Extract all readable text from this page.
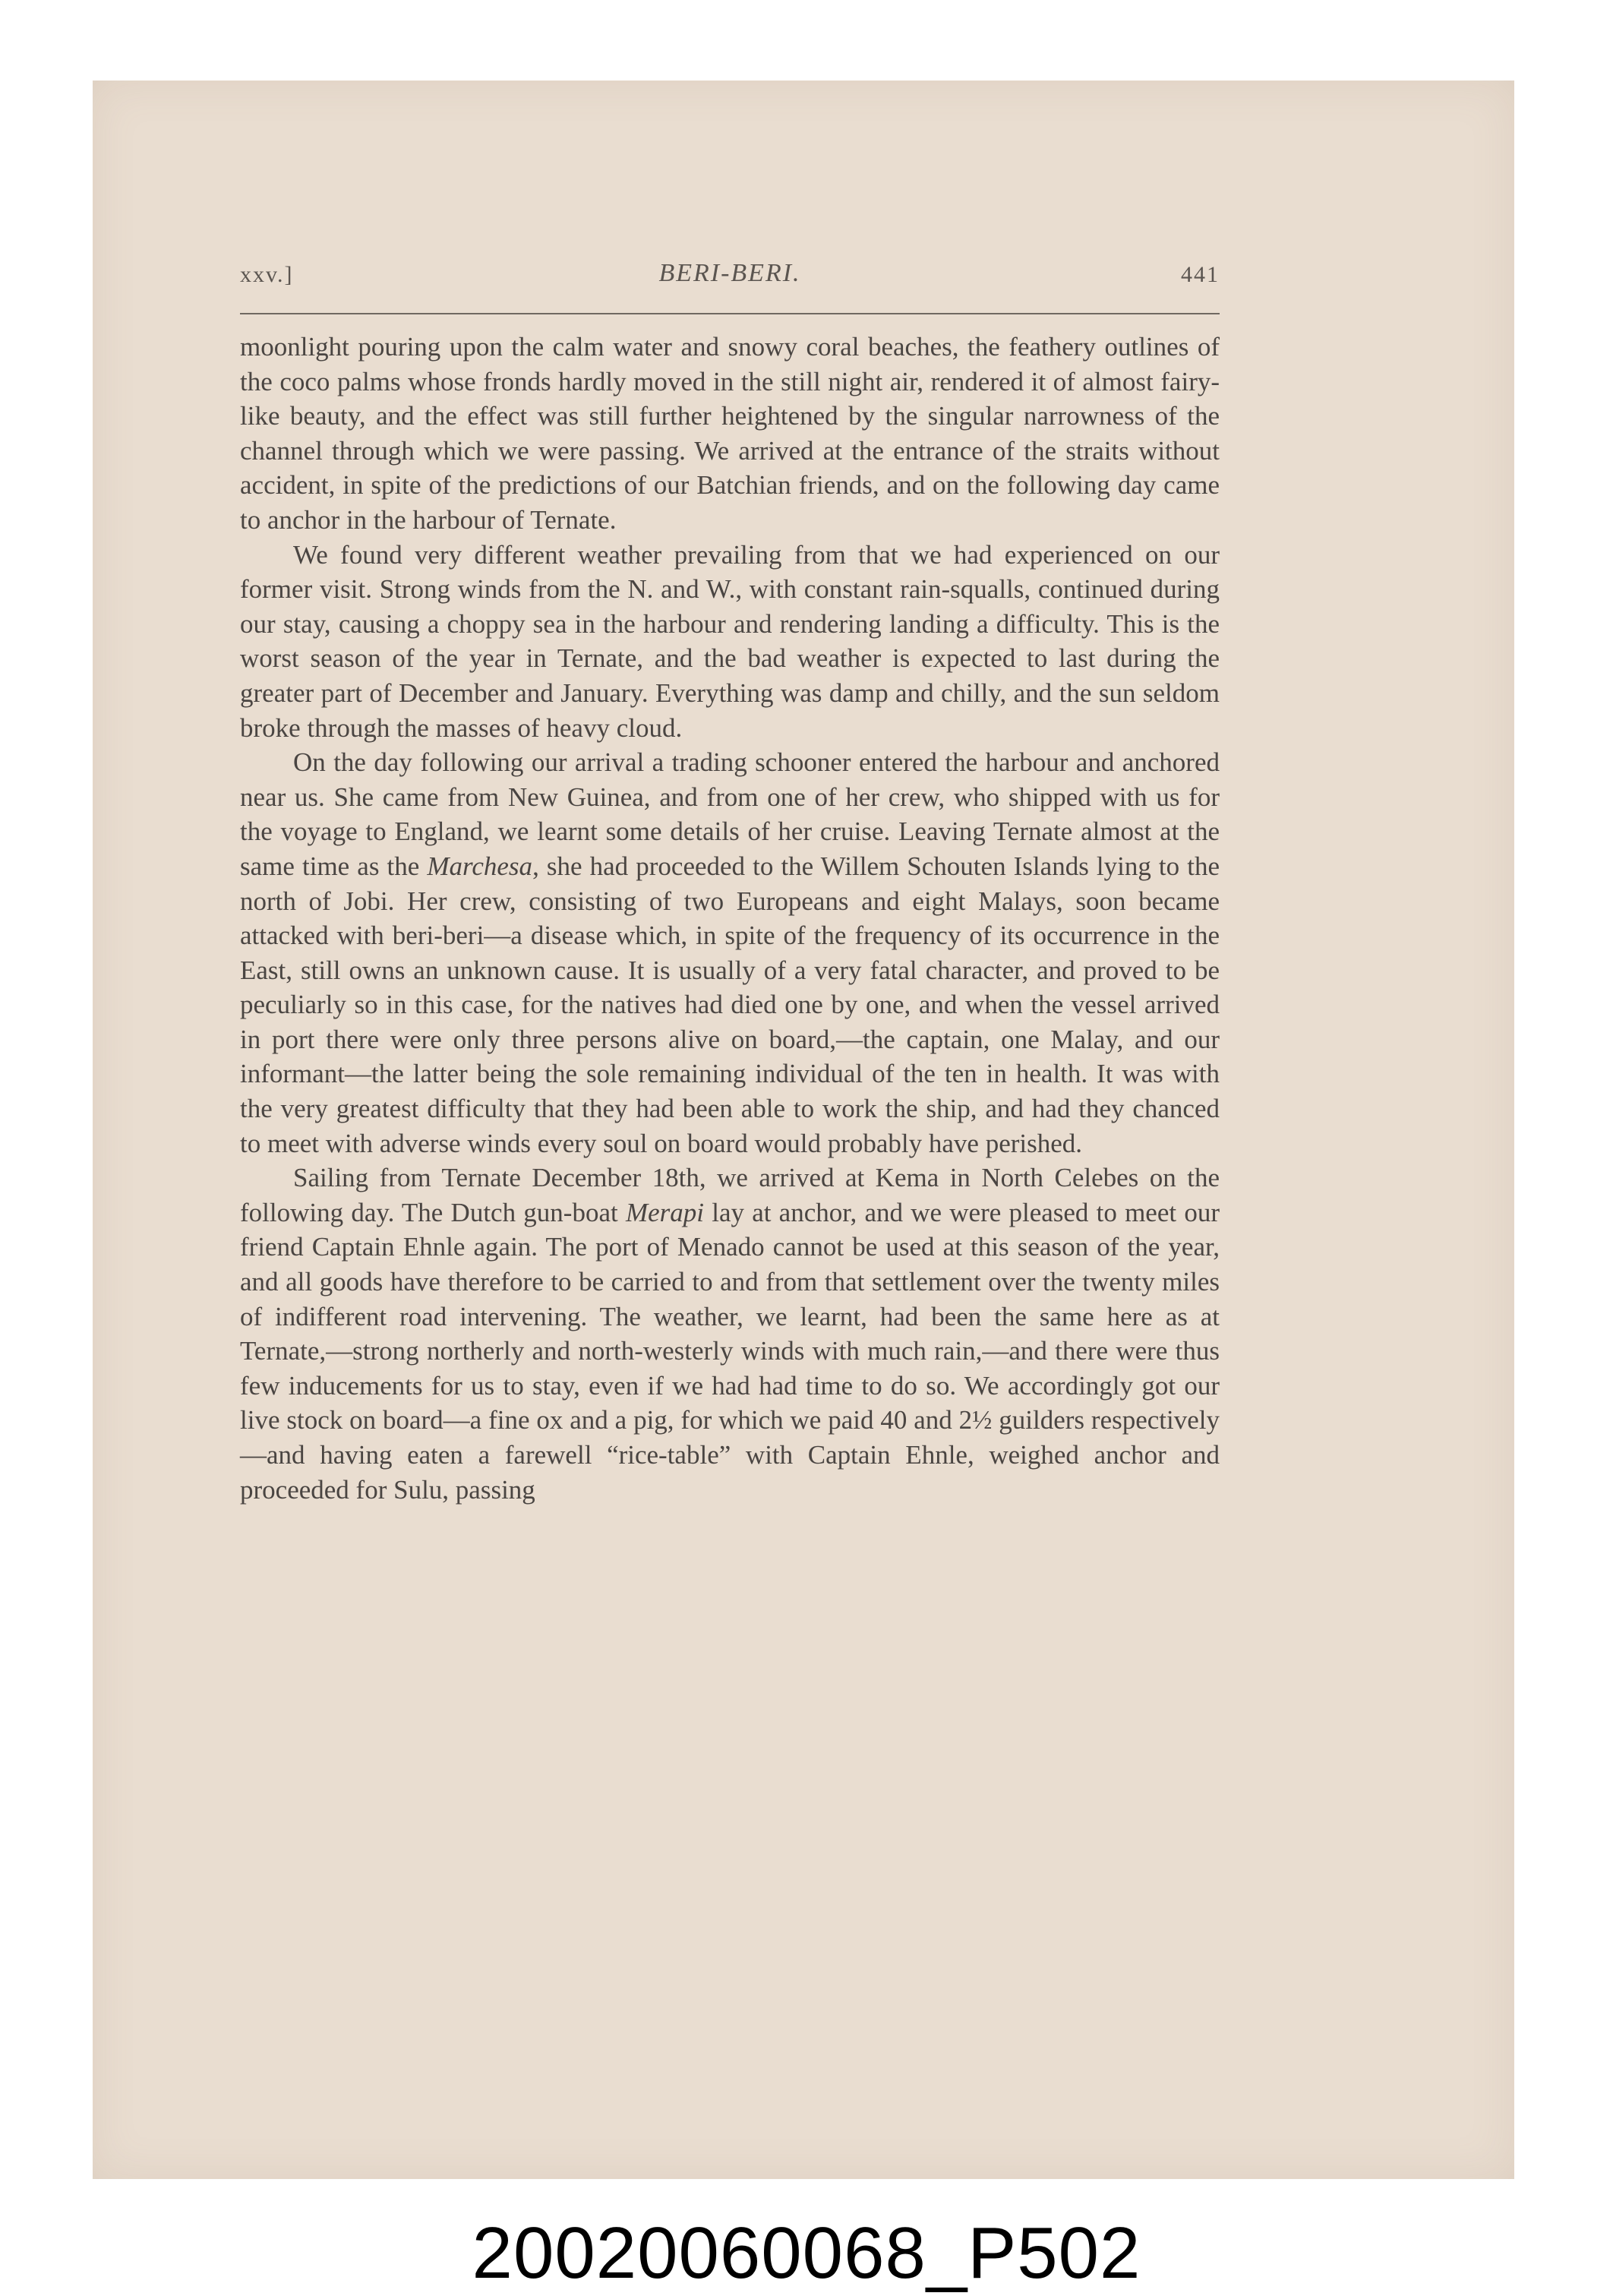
xxv.]	BERI-BERI.	441

moonlight pouring upon the calm water and snowy coral beaches, the feathery outlines of the coco palms whose fronds hardly moved in the still night air, rendered it of almost fairy-like beauty, and the effect was still further heightened by the singular narrowness of the channel through which we were passing. We arrived at the entrance of the straits without accident, in spite of the predictions of our Batchian friends, and on the following day came to anchor in the harbour of Ternate.

We found very different weather prevailing from that we had experienced on our former visit. Strong winds from the N. and W., with constant rain-squalls, continued during our stay, causing a choppy sea in the harbour and rendering landing a difficulty. This is the worst season of the year in Ternate, and the bad weather is expected to last during the greater part of December and January. Everything was damp and chilly, and the sun seldom broke through the masses of heavy cloud.

On the day following our arrival a trading schooner entered the harbour and anchored near us. She came from New Guinea, and from one of her crew, who shipped with us for the voyage to England, we learnt some details of her cruise. Leaving Ternate almost at the same time as the Marchesa, she had proceeded to the Willem Schouten Islands lying to the north of Jobi. Her crew, consisting of two Europeans and eight Malays, soon became attacked with beri-beri—a disease which, in spite of the frequency of its occurrence in the East, still owns an unknown cause. It is usually of a very fatal character, and proved to be peculiarly so in this case, for the natives had died one by one, and when the vessel arrived in port there were only three persons alive on board,—the captain, one Malay, and our informant—the latter being the sole remaining individual of the ten in health. It was with the very greatest difficulty that they had been able to work the ship, and had they chanced to meet with adverse winds every soul on board would probably have perished.

Sailing from Ternate December 18th, we arrived at Kema in North Celebes on the following day. The Dutch gun-boat Merapi lay at anchor, and we were pleased to meet our friend Captain Ehnle again. The port of Menado cannot be used at this season of the year, and all goods have therefore to be carried to and from that settlement over the twenty miles of indifferent road intervening. The weather, we learnt, had been the same here as at Ternate,—strong northerly and north-westerly winds with much rain,—and there were thus few inducements for us to stay, even if we had had time to do so. We accordingly got our live stock on board—a fine ox and a pig, for which we paid 40 and 2½ guilders respectively—and having eaten a farewell “rice-table” with Captain Ehnle, weighed anchor and proceeded for Sulu, passing

20020060068_P502
